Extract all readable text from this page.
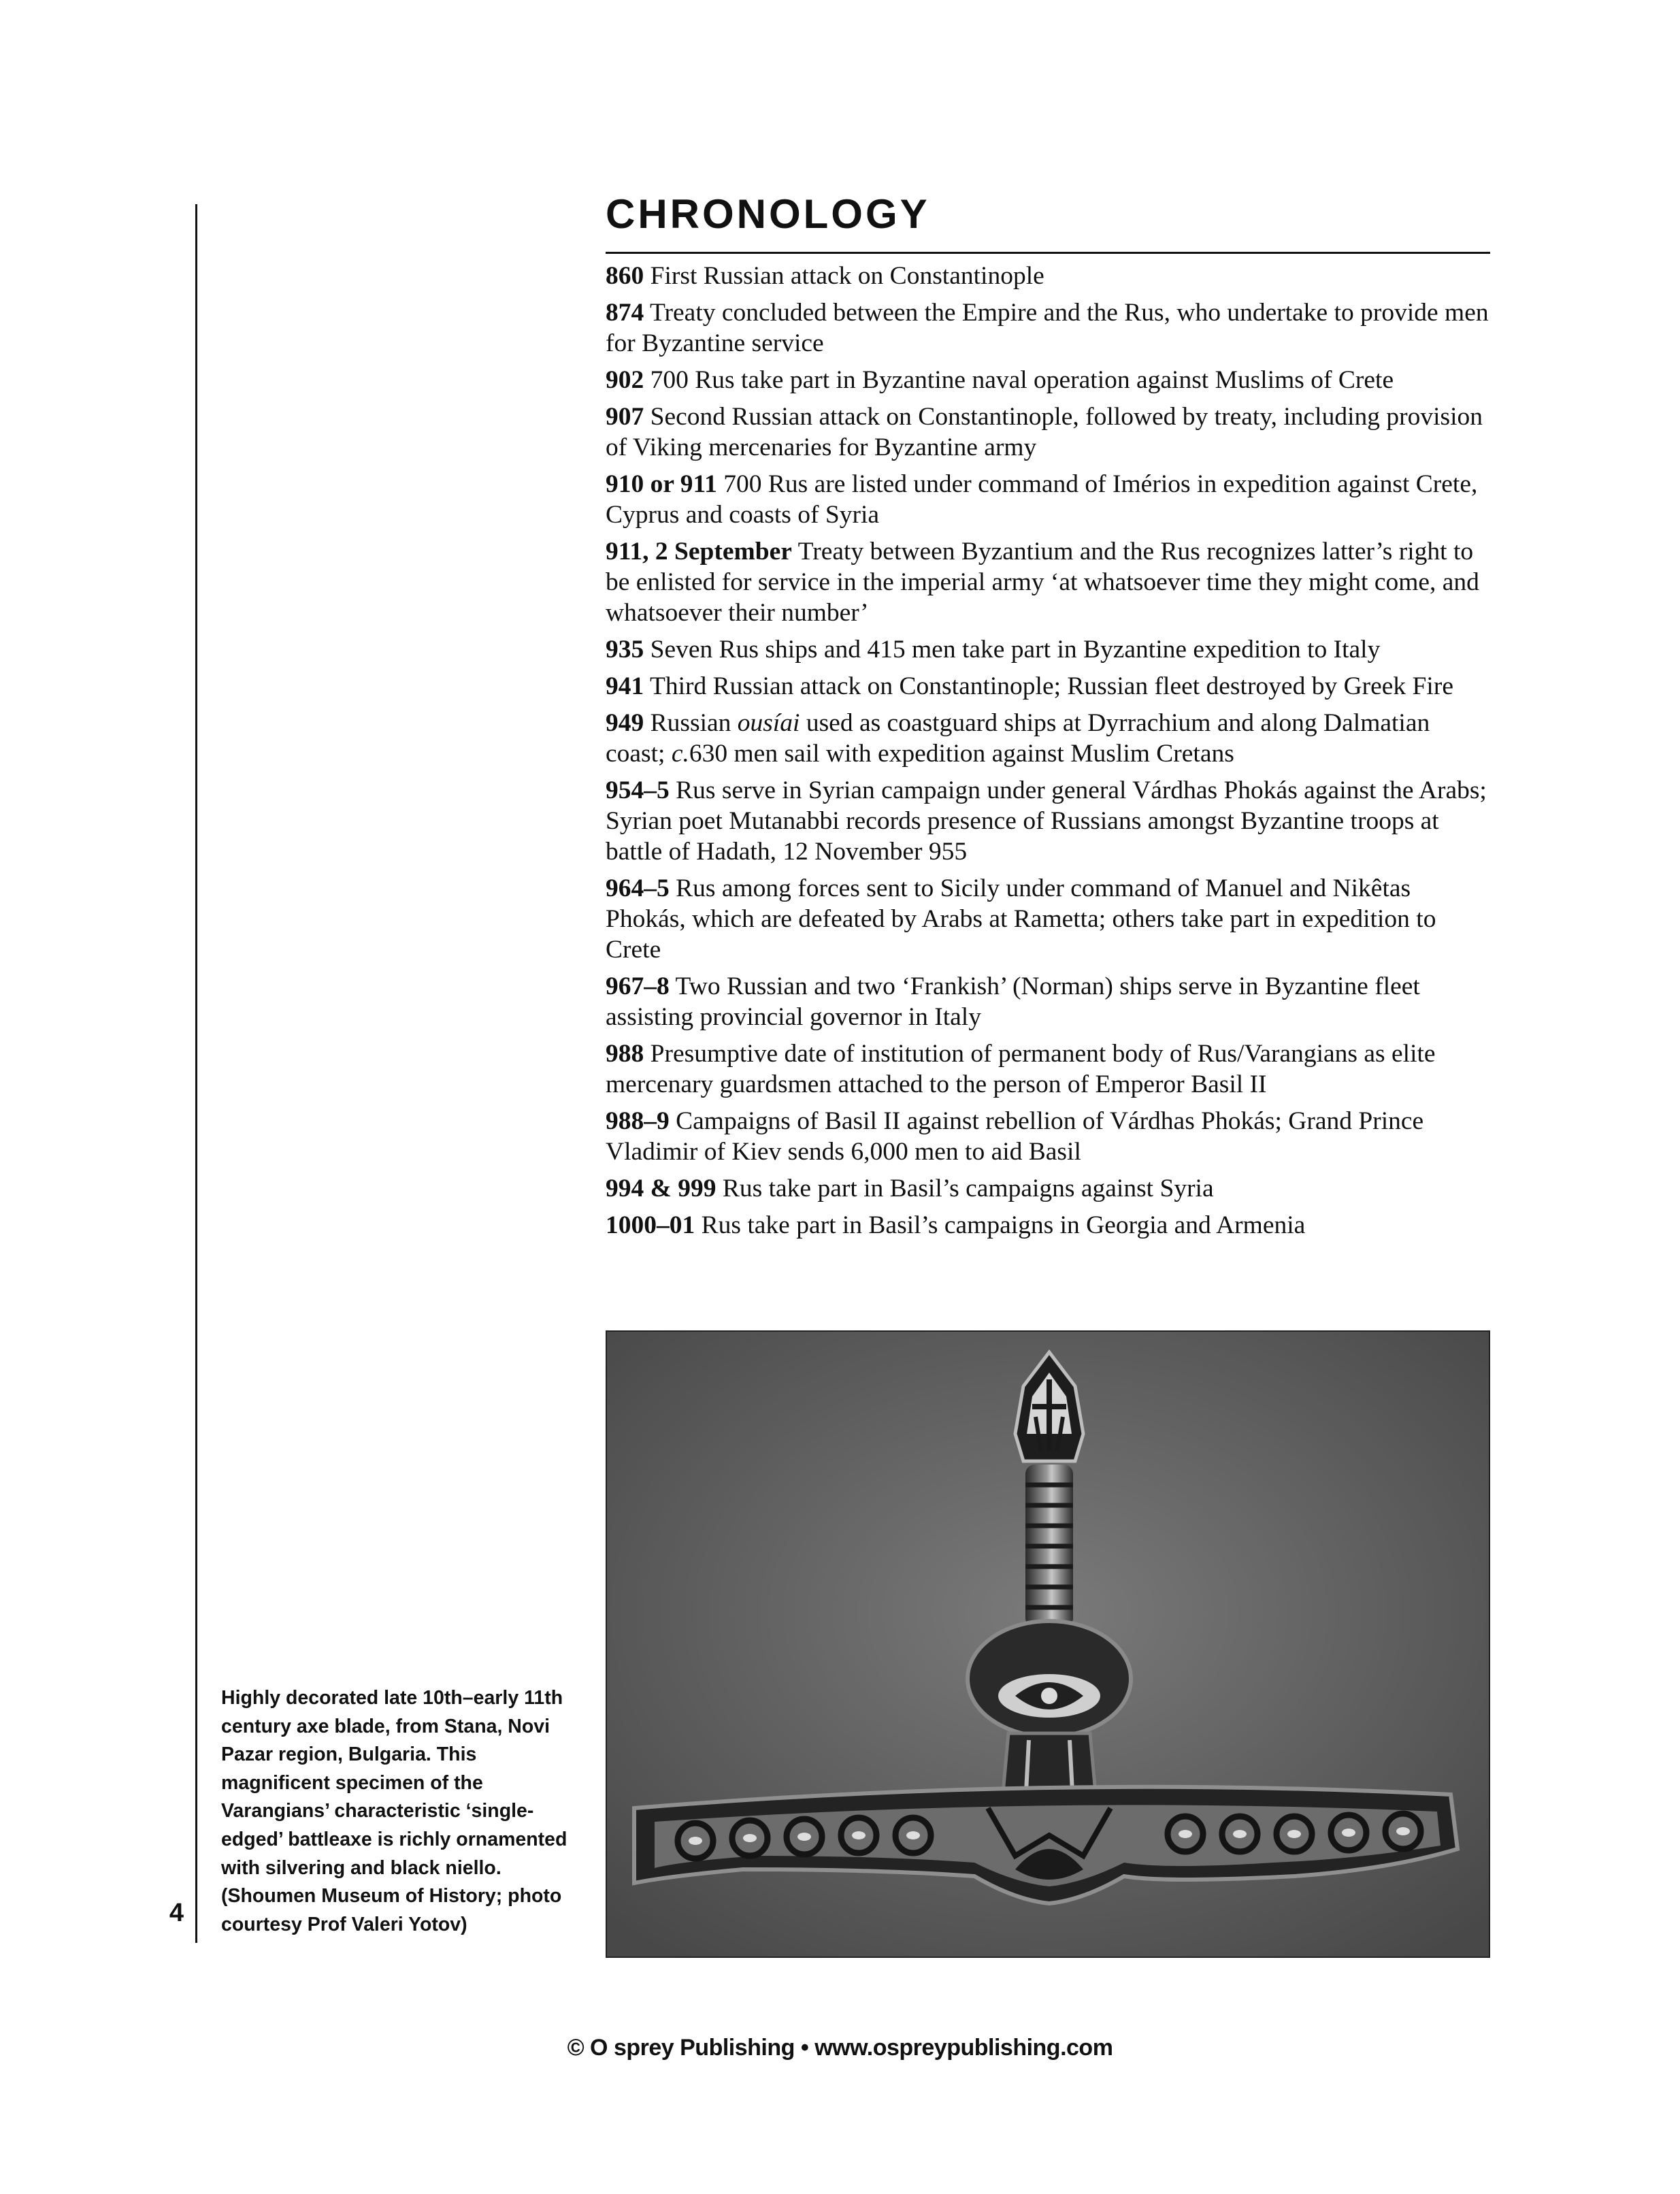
4
CHRONOLOGY

860 First Russian attack on Constantinople

874 Treaty concluded between the Empire and the Rus, who undertake to provide men for Byzantine service

902 700 Rus take part in Byzantine naval operation against Muslims of Crete

907 Second Russian attack on Constantinople, followed by treaty, including provision of Viking mercenaries for Byzantine army

910 or 911 700 Rus are listed under command of Imérios in expedition against Crete, Cyprus and coasts of Syria

911, 2 September Treaty between Byzantium and the Rus recognizes latter’s right to be enlisted for service in the imperial army ‘at whatsoever time they might come, and whatsoever their number’

935 Seven Rus ships and 415 men take part in Byzantine expedition to Italy

941 Third Russian attack on Constantinople; Russian fleet destroyed by Greek Fire

949 Russian ousíai used as coastguard ships at Dyrrachium and along Dalmatian coast; c.630 men sail with expedition against Muslim Cretans

954–5 Rus serve in Syrian campaign under general Várdhas Phokás against the Arabs; Syrian poet Mutanabbi records presence of Russians amongst Byzantine troops at battle of Hadath, 12 November 955

964–5 Rus among forces sent to Sicily under command of Manuel and Nikêtas Phokás, which are defeated by Arabs at Rametta; others take part in expedition to Crete

967–8 Two Russian and two ‘Frankish’ (Norman) ships serve in Byzantine fleet assisting provincial governor in Italy

988 Presumptive date of institution of permanent body of Rus/Varangians as elite mercenary guardsmen attached to the person of Emperor Basil II

988–9 Campaigns of Basil II against rebellion of Várdhas Phokás; Grand Prince Vladimir of Kiev sends 6,000 men to aid Basil

994 & 999 Rus take part in Basil’s campaigns against Syria

1000–01 Rus take part in Basil’s campaigns in Georgia and Armenia

Highly decorated late 10th–early 11th century axe blade, from Stana, Novi Pazar region, Bulgaria. This magnificent specimen of the Varangians’ characteristic ‘single-edged’ battleaxe is richly ornamented with silvering and black niello. (Shoumen Museum of History; photo courtesy Prof Valeri Yotov)

© O sprey Publishing • www.ospreypublishing.com
